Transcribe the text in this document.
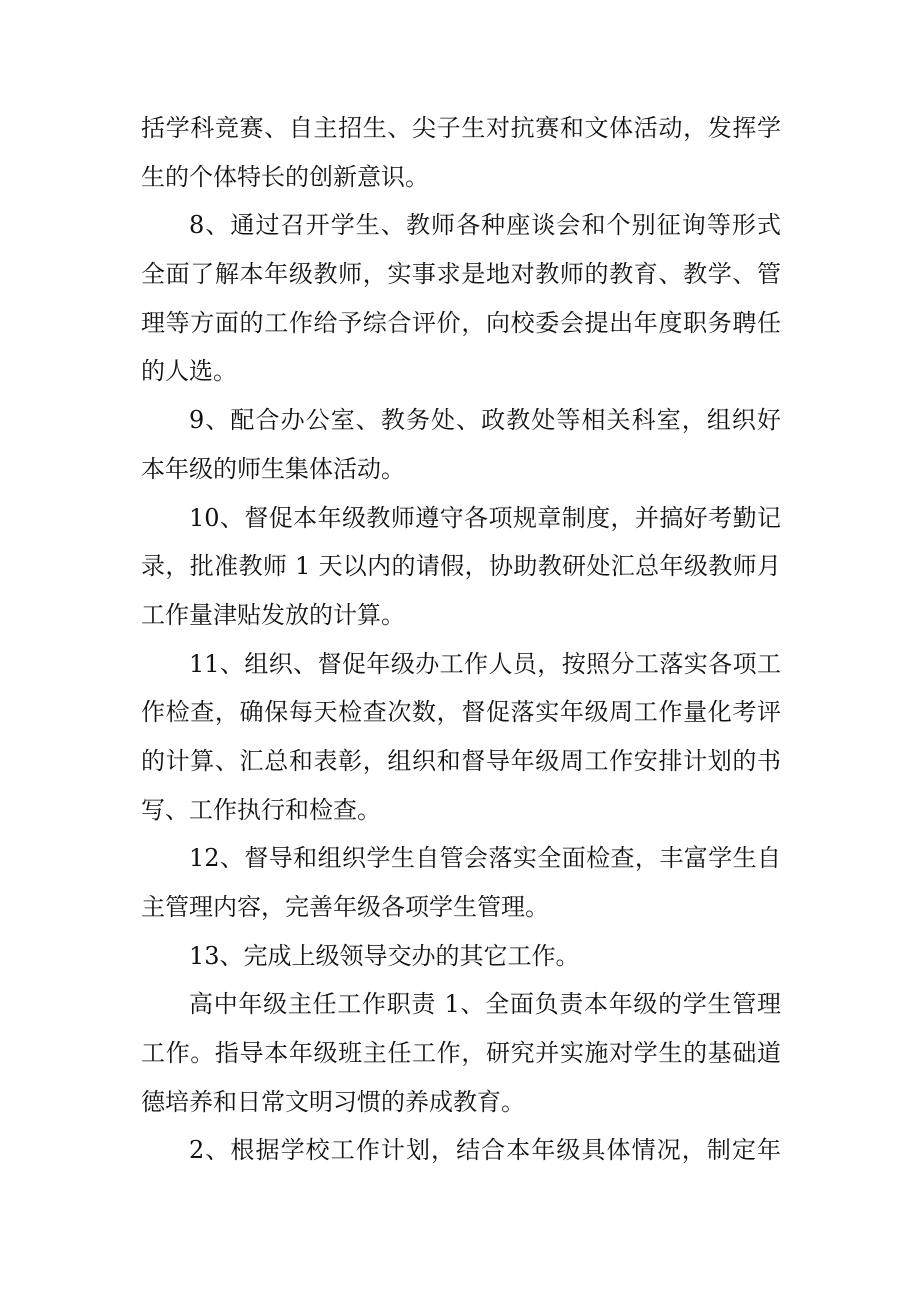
括学科竞赛、自主招生、尖子生对抗赛和文体活动，发挥学
生的个体特长的创新意识。
8、通过召开学生、教师各种座谈会和个别征询等形式
全面了解本年级教师，实事求是地对教师的教育、教学、管
理等方面的工作给予综合评价，向校委会提出年度职务聘任
的人选。
9、配合办公室、教务处、政教处等相关科室，组织好
本年级的师生集体活动。
10、督促本年级教师遵守各项规章制度，并搞好考勤记
录，批准教师 1 天以内的请假，协助教研处汇总年级教师月
工作量津贴发放的计算。
11、组织、督促年级办工作人员，按照分工落实各项工
作检查，确保每天检查次数，督促落实年级周工作量化考评
的计算、汇总和表彰，组织和督导年级周工作安排计划的书
写、工作执行和检查。
12、督导和组织学生自管会落实全面检查，丰富学生自
主管理内容，完善年级各项学生管理。
13、完成上级领导交办的其它工作。
高中年级主任工作职责 1、全面负责本年级的学生管理
工作。指导本年级班主任工作，研究并实施对学生的基础道
德培养和日常文明习惯的养成教育。
2、根据学校工作计划，结合本年级具体情况，制定年
